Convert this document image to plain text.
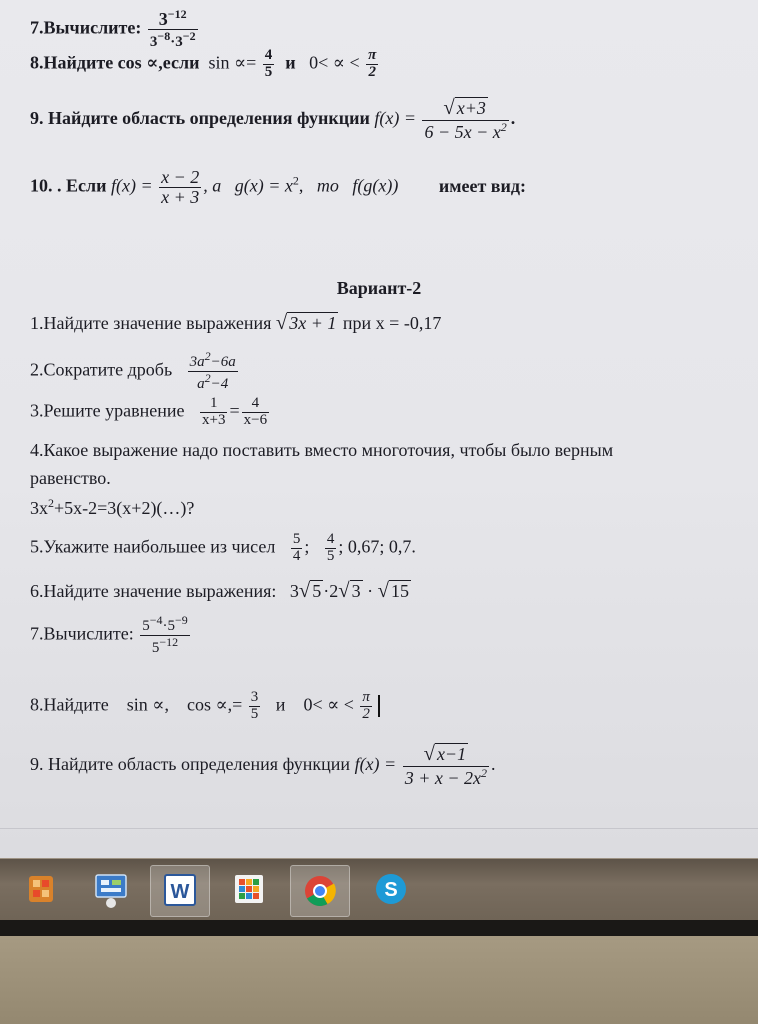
7.Вычислите: $\frac{3^{-12}}{3^{-8}\cdot 3^{-2}}$
8.Найдите cos ∝,если $\sin \propto= \frac{4}{5}$ и 0< ∝ < $\frac{\pi}{2}$
9. Найдите область определения функции $f(x) = \frac{√ x+3}{6 - 5x - x^2}$ .
10. . Если $f(x) = \frac{x - 2}{x + 3}$ , а $g(x) = x^2$, то f(g(x)) имеет вид:
Вариант-2
1.Найдите значение выражения √ 3x + 1 при x = -0,17
2.Сократите дробь $\frac{3a^2-6a}{a^2-4}$
3.Решите уравнение $\frac{1}{x+3} = \frac{4}{x-6}$
4.Какое выражение надо поставить вместо многоточия, чтобы было верным
равенство.
$3x^2+5x-2=3(x+2)(\dots)$?
5.Укажите наибольшее из чисел $\frac{5}{4}$ ; $\frac{4}{5}$ ; 0,67; 0,7.
6.Найдите значение выражения: 3√ 5 ·2√ 3 · √ 15
7.Вычислите: $\frac{5^{-4}\cdot 5^{-9}}{5^{-12}}$
8.Найдите sin ∝, cos ∝,= $\frac{3}{5}$ и 0< ∝ < $\frac{\pi}{2}$

9. Найдите область определения функции $f(x) = \frac{√ x-1}{3 + x - 2x^2}$ .
W	S
